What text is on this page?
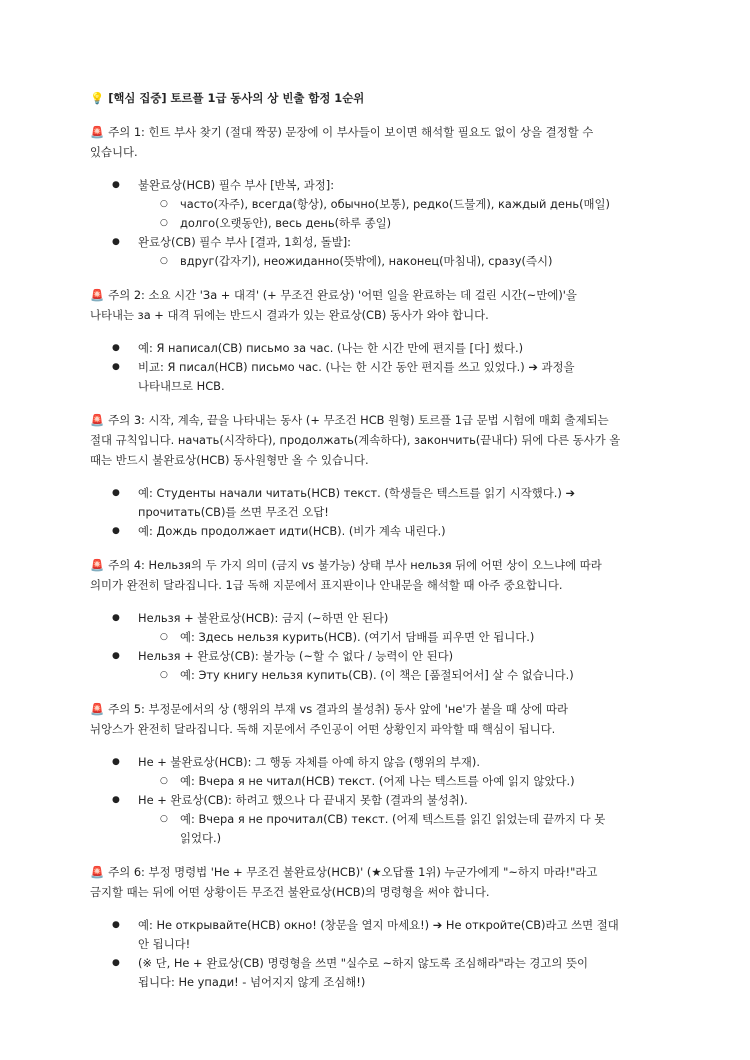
💡 [핵심 집중] 토르플 1급 동사의 상 빈출 함정 1순위

🚨 주의 1: 힌트 부사 찾기 (절대 짝꿍) 문장에 이 부사들이 보이면 해석할 필요도 없이 상을 결정할 수
있습니다.

● 불완료상(НСВ) 필수 부사 [반복, 과정]:
○ часто(자주), всегда(항상), обычно(보통), редко(드물게), каждый день(매일)
○ долго(오랫동안), весь день(하루 종일)
● 완료상(СВ) 필수 부사 [결과, 1회성, 돌발]:
○ вдруг(갑자기), неожиданно(뜻밖에), наконец(마침내), сразу(즉시)

🚨 주의 2: 소요 시간 'За + 대격' (+ 무조건 완료상) '어떤 일을 완료하는 데 걸린 시간(~만에)'을
나타내는 за + 대격 뒤에는 반드시 결과가 있는 완료상(СВ) 동사가 와야 합니다.

● 예: Я написал(СВ) письмо за час. (나는 한 시간 만에 편지를 [다] 썼다.)
● 비교: Я писал(НСВ) письмо час. (나는 한 시간 동안 편지를 쓰고 있었다.) ➔ 과정을
나타내므로 НСВ.

🚨 주의 3: 시작, 계속, 끝을 나타내는 동사 (+ 무조건 НСВ 원형) 토르플 1급 문법 시험에 매회 출제되는
절대 규칙입니다. начать(시작하다), продолжать(계속하다), закончить(끝내다) 뒤에 다른 동사가 올
때는 반드시 불완료상(НСВ) 동사원형만 올 수 있습니다.

● 예: Студенты начали читать(НСВ) текст. (학생들은 텍스트를 읽기 시작했다.) ➔
прочитать(СВ)를 쓰면 무조건 오답!
● 예: Дождь продолжает идти(НСВ). (비가 계속 내린다.)

🚨 주의 4: Нельзя의 두 가지 의미 (금지 vs 불가능) 상태 부사 нельзя 뒤에 어떤 상이 오느냐에 따라
의미가 완전히 달라집니다. 1급 독해 지문에서 표지판이나 안내문을 해석할 때 아주 중요합니다.

● Нельзя + 불완료상(НСВ): 금지 (~하면 안 된다)
○ 예: Здесь нельзя курить(НСВ). (여기서 담배를 피우면 안 됩니다.)
● Нельзя + 완료상(СВ): 불가능 (~할 수 없다 / 능력이 안 된다)
○ 예: Эту книгу нельзя купить(СВ). (이 책은 [품절되어서] 살 수 없습니다.)

🚨 주의 5: 부정문에서의 상 (행위의 부재 vs 결과의 불성취) 동사 앞에 'не'가 붙을 때 상에 따라
뉘앙스가 완전히 달라집니다. 독해 지문에서 주인공이 어떤 상황인지 파악할 때 핵심이 됩니다.

● Не + 불완료상(НСВ): 그 행동 자체를 아예 하지 않음 (행위의 부재).
○ 예: Вчера я не читал(НСВ) текст. (어제 나는 텍스트를 아예 읽지 않았다.)
● Не + 완료상(СВ): 하려고 했으나 다 끝내지 못함 (결과의 불성취).
○ 예: Вчера я не прочитал(СВ) текст. (어제 텍스트를 읽긴 읽었는데 끝까지 다 못
읽었다.)

🚨 주의 6: 부정 명령법 'Не + 무조건 불완료상(НСВ)' (★오답률 1위) 누군가에게 "~하지 마라!"라고
금지할 때는 뒤에 어떤 상황이든 무조건 불완료상(НСВ)의 명령형을 써야 합니다.

● 예: Не открывайте(НСВ) окно! (창문을 열지 마세요!) ➔ Не откройте(СВ)라고 쓰면 절대
안 됩니다!
● (※ 단, Не + 완료상(СВ) 명령형을 쓰면 "실수로 ~하지 않도록 조심해라"라는 경고의 뜻이
됩니다: Не упади! - 넘어지지 않게 조심해!)
